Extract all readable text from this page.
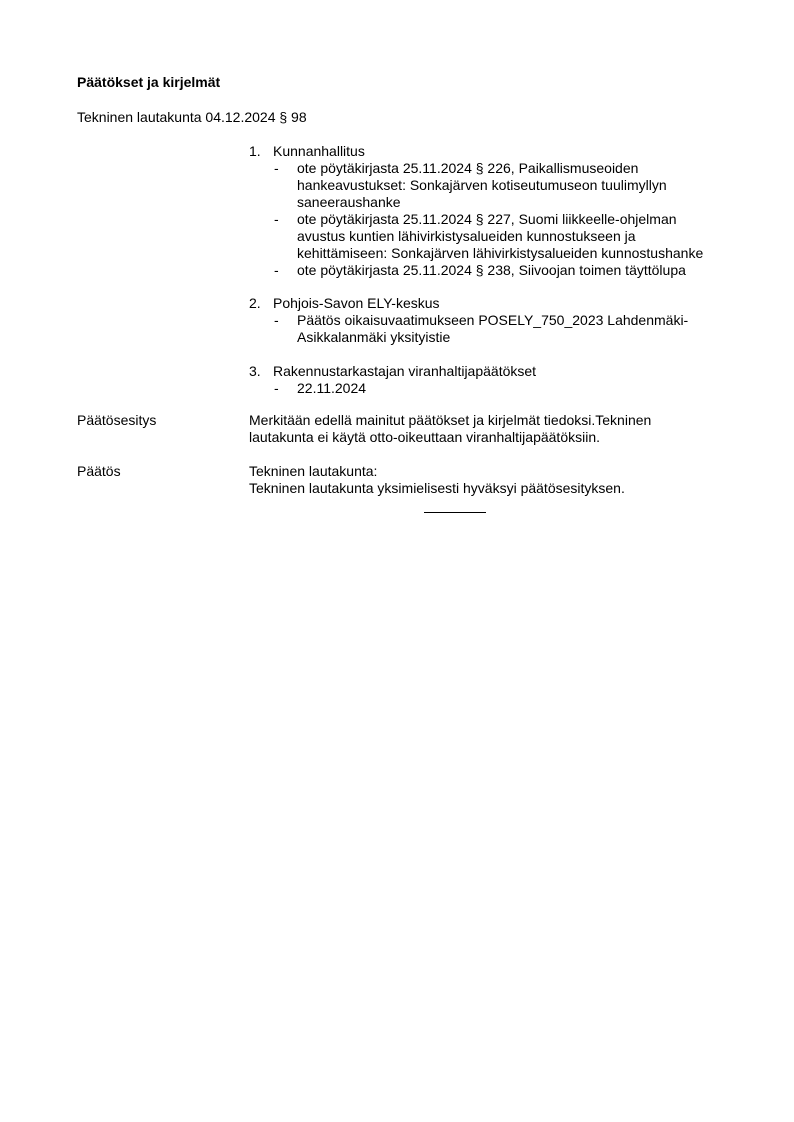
Päätökset ja kirjelmät
Tekninen lautakunta 04.12.2024 § 98
1. Kunnanhallitus
- ote pöytäkirjasta 25.11.2024 § 226, Paikallismuseoiden
hankeavustukset: Sonkajärven kotiseutumuseon tuulimyllyn
saneeraushanke
- ote pöytäkirjasta 25.11.2024 § 227, Suomi liikkeelle-ohjelman
avustus kuntien lähivirkistysalueiden kunnostukseen ja
kehittämiseen: Sonkajärven lähivirkistysalueiden kunnostushanke
- ote pöytäkirjasta 25.11.2024 § 238, Siivoojan toimen täyttölupa
2. Pohjois-Savon ELY-keskus
- Päätös oikaisuvaatimukseen POSELY_750_2023 Lahdenmäki-
Asikkalanmäki yksityistie
3. Rakennustarkastajan viranhaltijapäätökset
- 22.11.2024
Päätösesitys	Merkitään edellä mainitut päätökset ja kirjelmät tiedoksi.Tekninen
lautakunta ei käytä otto-oikeuttaan viranhaltijapäätöksiin.
Päätös	Tekninen lautakunta:
Tekninen lautakunta yksimielisesti hyväksyi päätösesityksen.
